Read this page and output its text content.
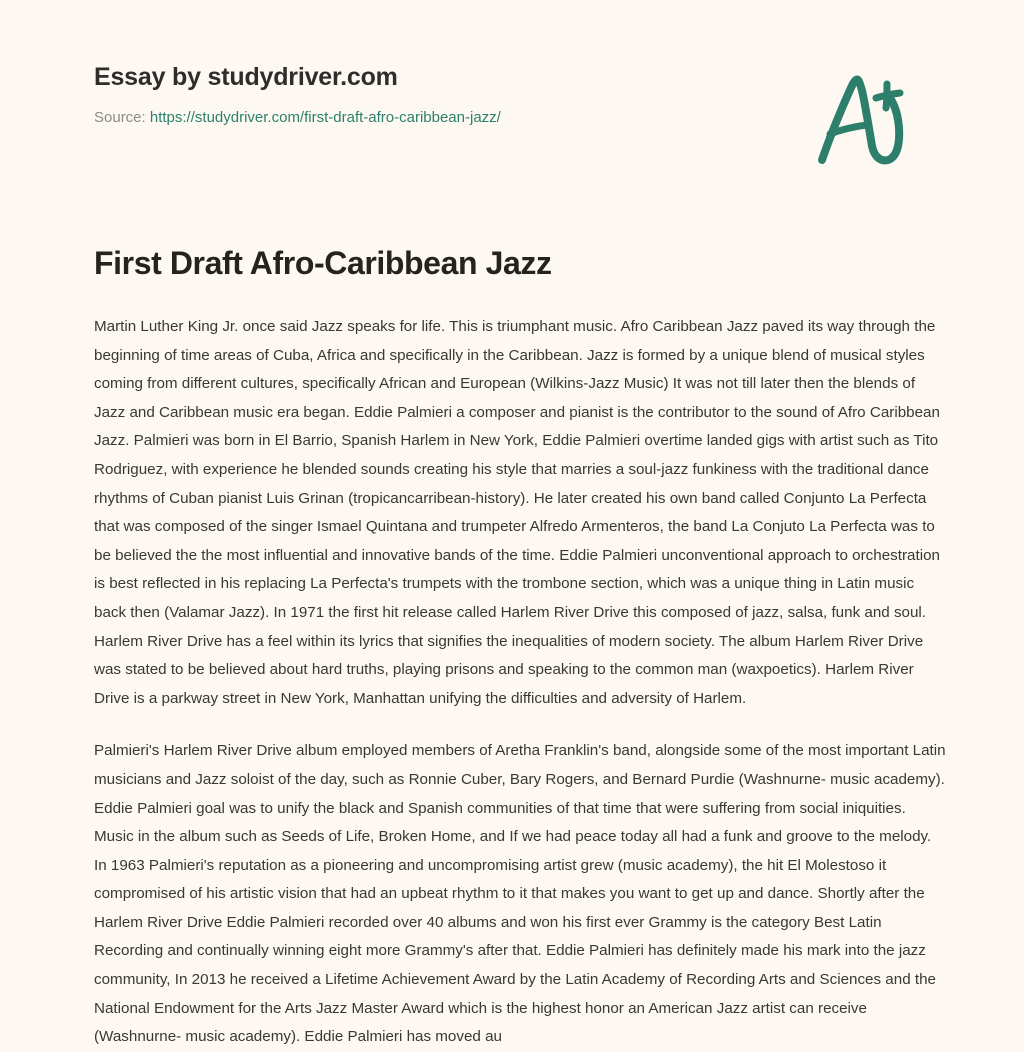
Essay by studydriver.com
Source: https://studydriver.com/first-draft-afro-caribbean-jazz/
First Draft Afro-Caribbean Jazz

Martin Luther King Jr. once said Jazz speaks for life. This is triumphant music. Afro Caribbean Jazz paved its way through the beginning of time areas of Cuba, Africa and specifically in the Caribbean. Jazz is formed by a unique blend of musical styles coming from different cultures, specifically African and European (Wilkins-Jazz Music) It was not till later then the blends of Jazz and Caribbean music era began. Eddie Palmieri a composer and pianist is the contributor to the sound of Afro Caribbean Jazz. Palmieri was born in El Barrio, Spanish Harlem in New York, Eddie Palmieri overtime landed gigs with artist such as Tito Rodriguez, with experience he blended sounds creating his style that marries a soul-jazz funkiness with the traditional dance rhythms of Cuban pianist Luis Grinan (tropicancarribean-history). He later created his own band called Conjunto La Perfecta that was composed of the singer Ismael Quintana and trumpeter Alfredo Armenteros, the band La Conjuto La Perfecta was to be believed the the most influential and innovative bands of the time. Eddie Palmieri unconventional approach to orchestration is best reflected in his replacing La Perfecta's trumpets with the trombone section, which was a unique thing in Latin music back then (Valamar Jazz). In 1971 the first hit release called Harlem River Drive this composed of jazz, salsa, funk and soul. Harlem River Drive has a feel within its lyrics that signifies the inequalities of modern society. The album Harlem River Drive was stated to be believed about hard truths, playing prisons and speaking to the common man (waxpoetics). Harlem River Drive is a parkway street in New York, Manhattan unifying the difficulties and adversity of Harlem.

Palmieri's Harlem River Drive album employed members of Aretha Franklin's band, alongside some of the most important Latin musicians and Jazz soloist of the day, such as Ronnie Cuber, Bary Rogers, and Bernard Purdie (Washnurne- music academy). Eddie Palmieri goal was to unify the black and Spanish communities of that time that were suffering from social iniquities. Music in the album such as Seeds of Life, Broken Home, and If we had peace today all had a funk and groove to the melody. In 1963 Palmieri's reputation as a pioneering and uncompromising artist grew (music academy), the hit El Molestoso it compromised of his artistic vision that had an upbeat rhythm to it that makes you want to get up and dance. Shortly after the Harlem River Drive Eddie Palmieri recorded over 40 albums and won his first ever Grammy is the category Best Latin Recording and continually winning eight more Grammy's after that. Eddie Palmieri has definitely made his mark into the jazz community, In 2013 he received a Lifetime Achievement Award by the Latin Academy of Recording Arts and Sciences and the National Endowment for the Arts Jazz Master Award which is the highest honor an American Jazz artist can receive (Washnurne- music academy). Eddie Palmieri has moved au
